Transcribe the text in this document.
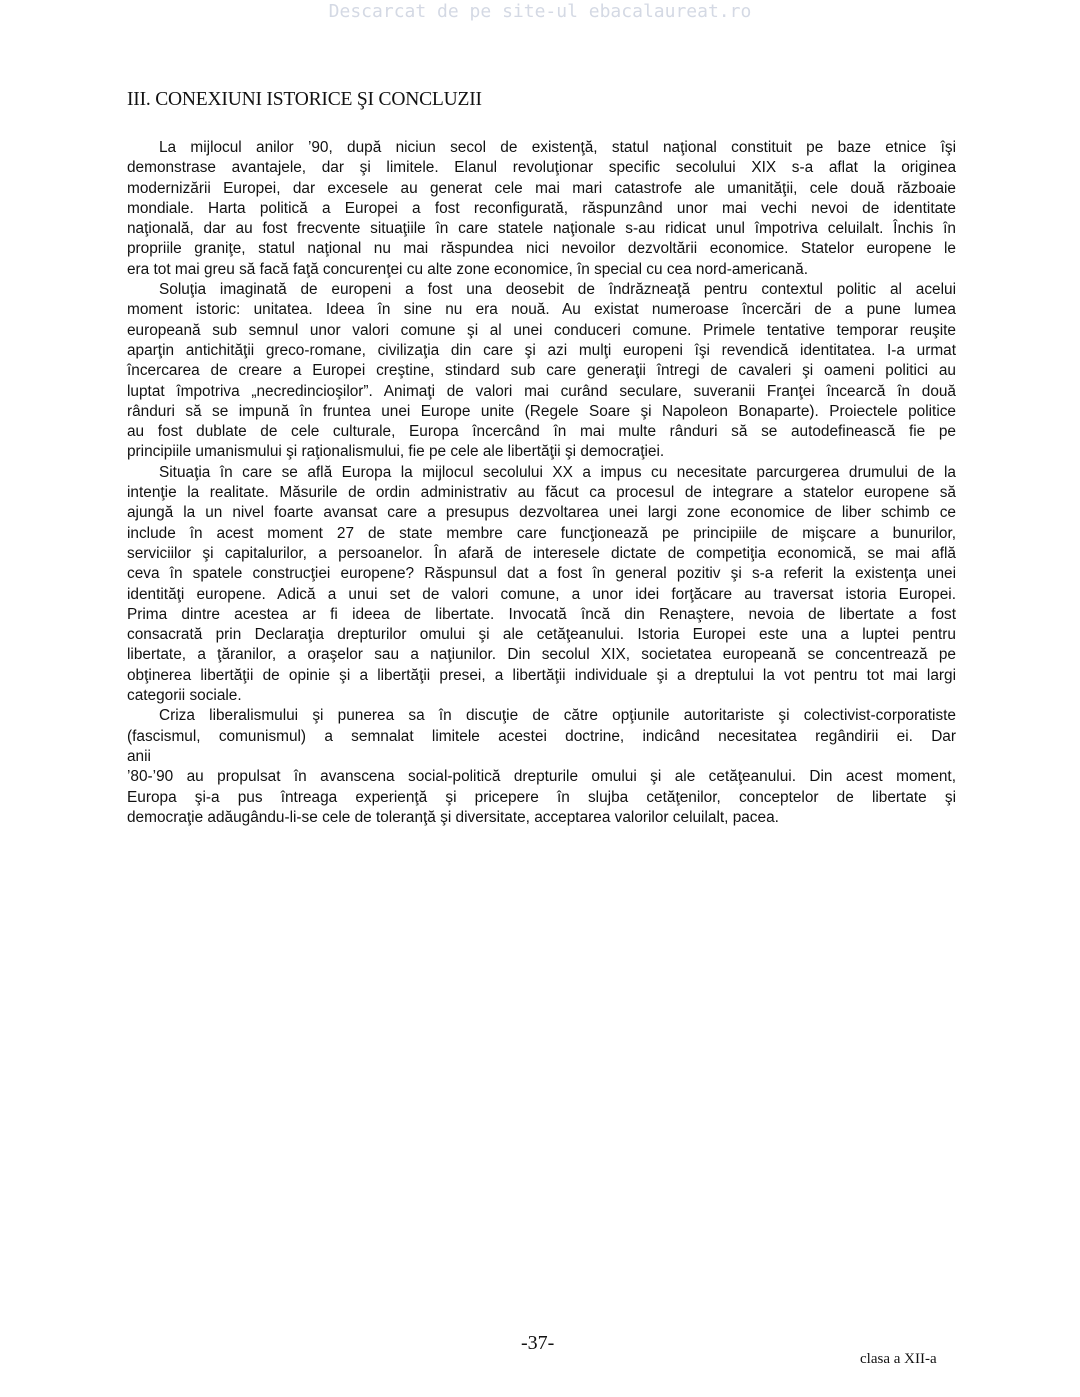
Descarcat de pe site-ul ebacalaureat.ro
III. CONEXIUNI ISTORICE ŞI CONCLUZII
La mijlocul anilor ’90, după niciun secol de existenţă, statul naţional constituit pe baze etnice îşi
demonstrase avantajele, dar şi limitele. Elanul revoluţionar specific secolului XIX s-a aflat la originea
modernizării Europei, dar excesele au generat cele mai mari catastrofe ale umanităţii, cele două războaie
mondiale. Harta politică a Europei a fost reconfigurată, răspunzând unor mai vechi nevoi de identitate
naţională, dar au fost frecvente situaţiile în care statele naţionale s-au ridicat unul împotriva celuilalt. Închis în
propriile graniţe, statul naţional nu mai răspundea nici nevoilor dezvoltării economice. Statelor europene le
era tot mai greu să facă faţă concurenţei cu alte zone economice, în special cu cea nord-americană.
Soluţia imaginată de europeni a fost una deosebit de îndrăzneaţă pentru contextul politic al acelui
moment istoric: unitatea. Ideea în sine nu era nouă. Au existat numeroase încercări de a pune lumea
europeană sub semnul unor valori comune şi al unei conduceri comune. Primele tentative temporar reuşite
aparţin antichităţii greco-romane, civilizaţia din care şi azi mulţi europeni îşi revendică identitatea. I-a urmat
încercarea de creare a Europei creştine, stindard sub care generaţii întregi de cavaleri şi oameni politici au
luptat împotriva „necredincioşilor”. Animaţi de valori mai curând seculare, suveranii Franţei încearcă în două
rânduri să se impună în fruntea unei Europe unite (Regele Soare şi Napoleon Bonaparte). Proiectele politice
au fost dublate de cele culturale, Europa încercând în mai multe rânduri să se autodefinească fie pe
principiile umanismului şi raţionalismului, fie pe cele ale libertăţii şi democraţiei.
Situaţia în care se află Europa la mijlocul secolului XX a impus cu necesitate parcurgerea drumului de la
intenţie la realitate. Măsurile de ordin administrativ au făcut ca procesul de integrare a statelor europene să
ajungă la un nivel foarte avansat care a presupus dezvoltarea unei largi zone economice de liber schimb ce
include în acest moment 27 de state membre care funcţionează pe principiile de mişcare a bunurilor,
serviciilor şi capitalurilor, a persoanelor. În afară de interesele dictate de competiţia economică, se mai află
ceva în spatele construcţiei europene? Răspunsul dat a fost în general pozitiv şi s-a referit la existenţa unei
identităţi europene. Adică a unui set de valori comune, a unor idei forţăcare au traversat istoria Europei.
Prima dintre acestea ar fi ideea de libertate. Invocată încă din Renaştere, nevoia de libertate a fost
consacrată prin Declaraţia drepturilor omului şi ale cetăţeanului. Istoria Europei este una a luptei pentru
libertate, a ţăranilor, a oraşelor sau a naţiunilor. Din secolul XIX, societatea europeană se concentrează pe
obţinerea libertăţii de opinie şi a libertăţii presei, a libertăţii individuale şi a dreptului la vot pentru tot mai largi
categorii sociale.
Criza liberalismului şi punerea sa în discuţie de către opţiunile autoritariste şi colectivist-corporatiste
(fascismul, comunismul) a semnalat limitele acestei doctrine, indicând necesitatea regândirii ei. Dar
anii
’80-’90 au propulsat în avanscena social-politică drepturile omului şi ale cetăţeanului. Din acest moment,
Europa şi-a pus întreaga experienţă şi pricepere în slujba cetăţenilor, conceptelor de libertate şi
democraţie adăugându-li-se cele de toleranţă şi diversitate, acceptarea valorilor celuilalt, pacea.
-37-
clasa a XII-a
